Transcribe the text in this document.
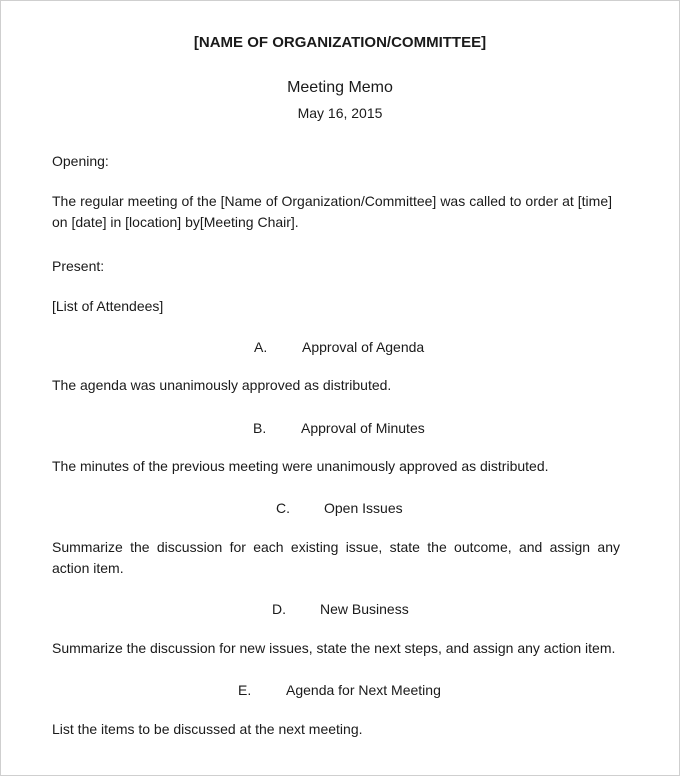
[NAME OF ORGANIZATION/COMMITTEE]
Meeting Memo
May 16, 2015
Opening:
The regular meeting of the [Name of Organization/Committee] was called to order at [time] on [date] in [location] by[Meeting Chair].
Present:
[List of Attendees]
A. Approval of Agenda
The agenda was unanimously approved as distributed.
B. Approval of Minutes
The minutes of the previous meeting were unanimously approved as distributed.
C. Open Issues
Summarize the discussion for each existing issue, state the outcome, and assign any action item.
D. New Business
Summarize the discussion for new issues, state the next steps, and assign any action item.
E. Agenda for Next Meeting
List the items to be discussed at the next meeting.
